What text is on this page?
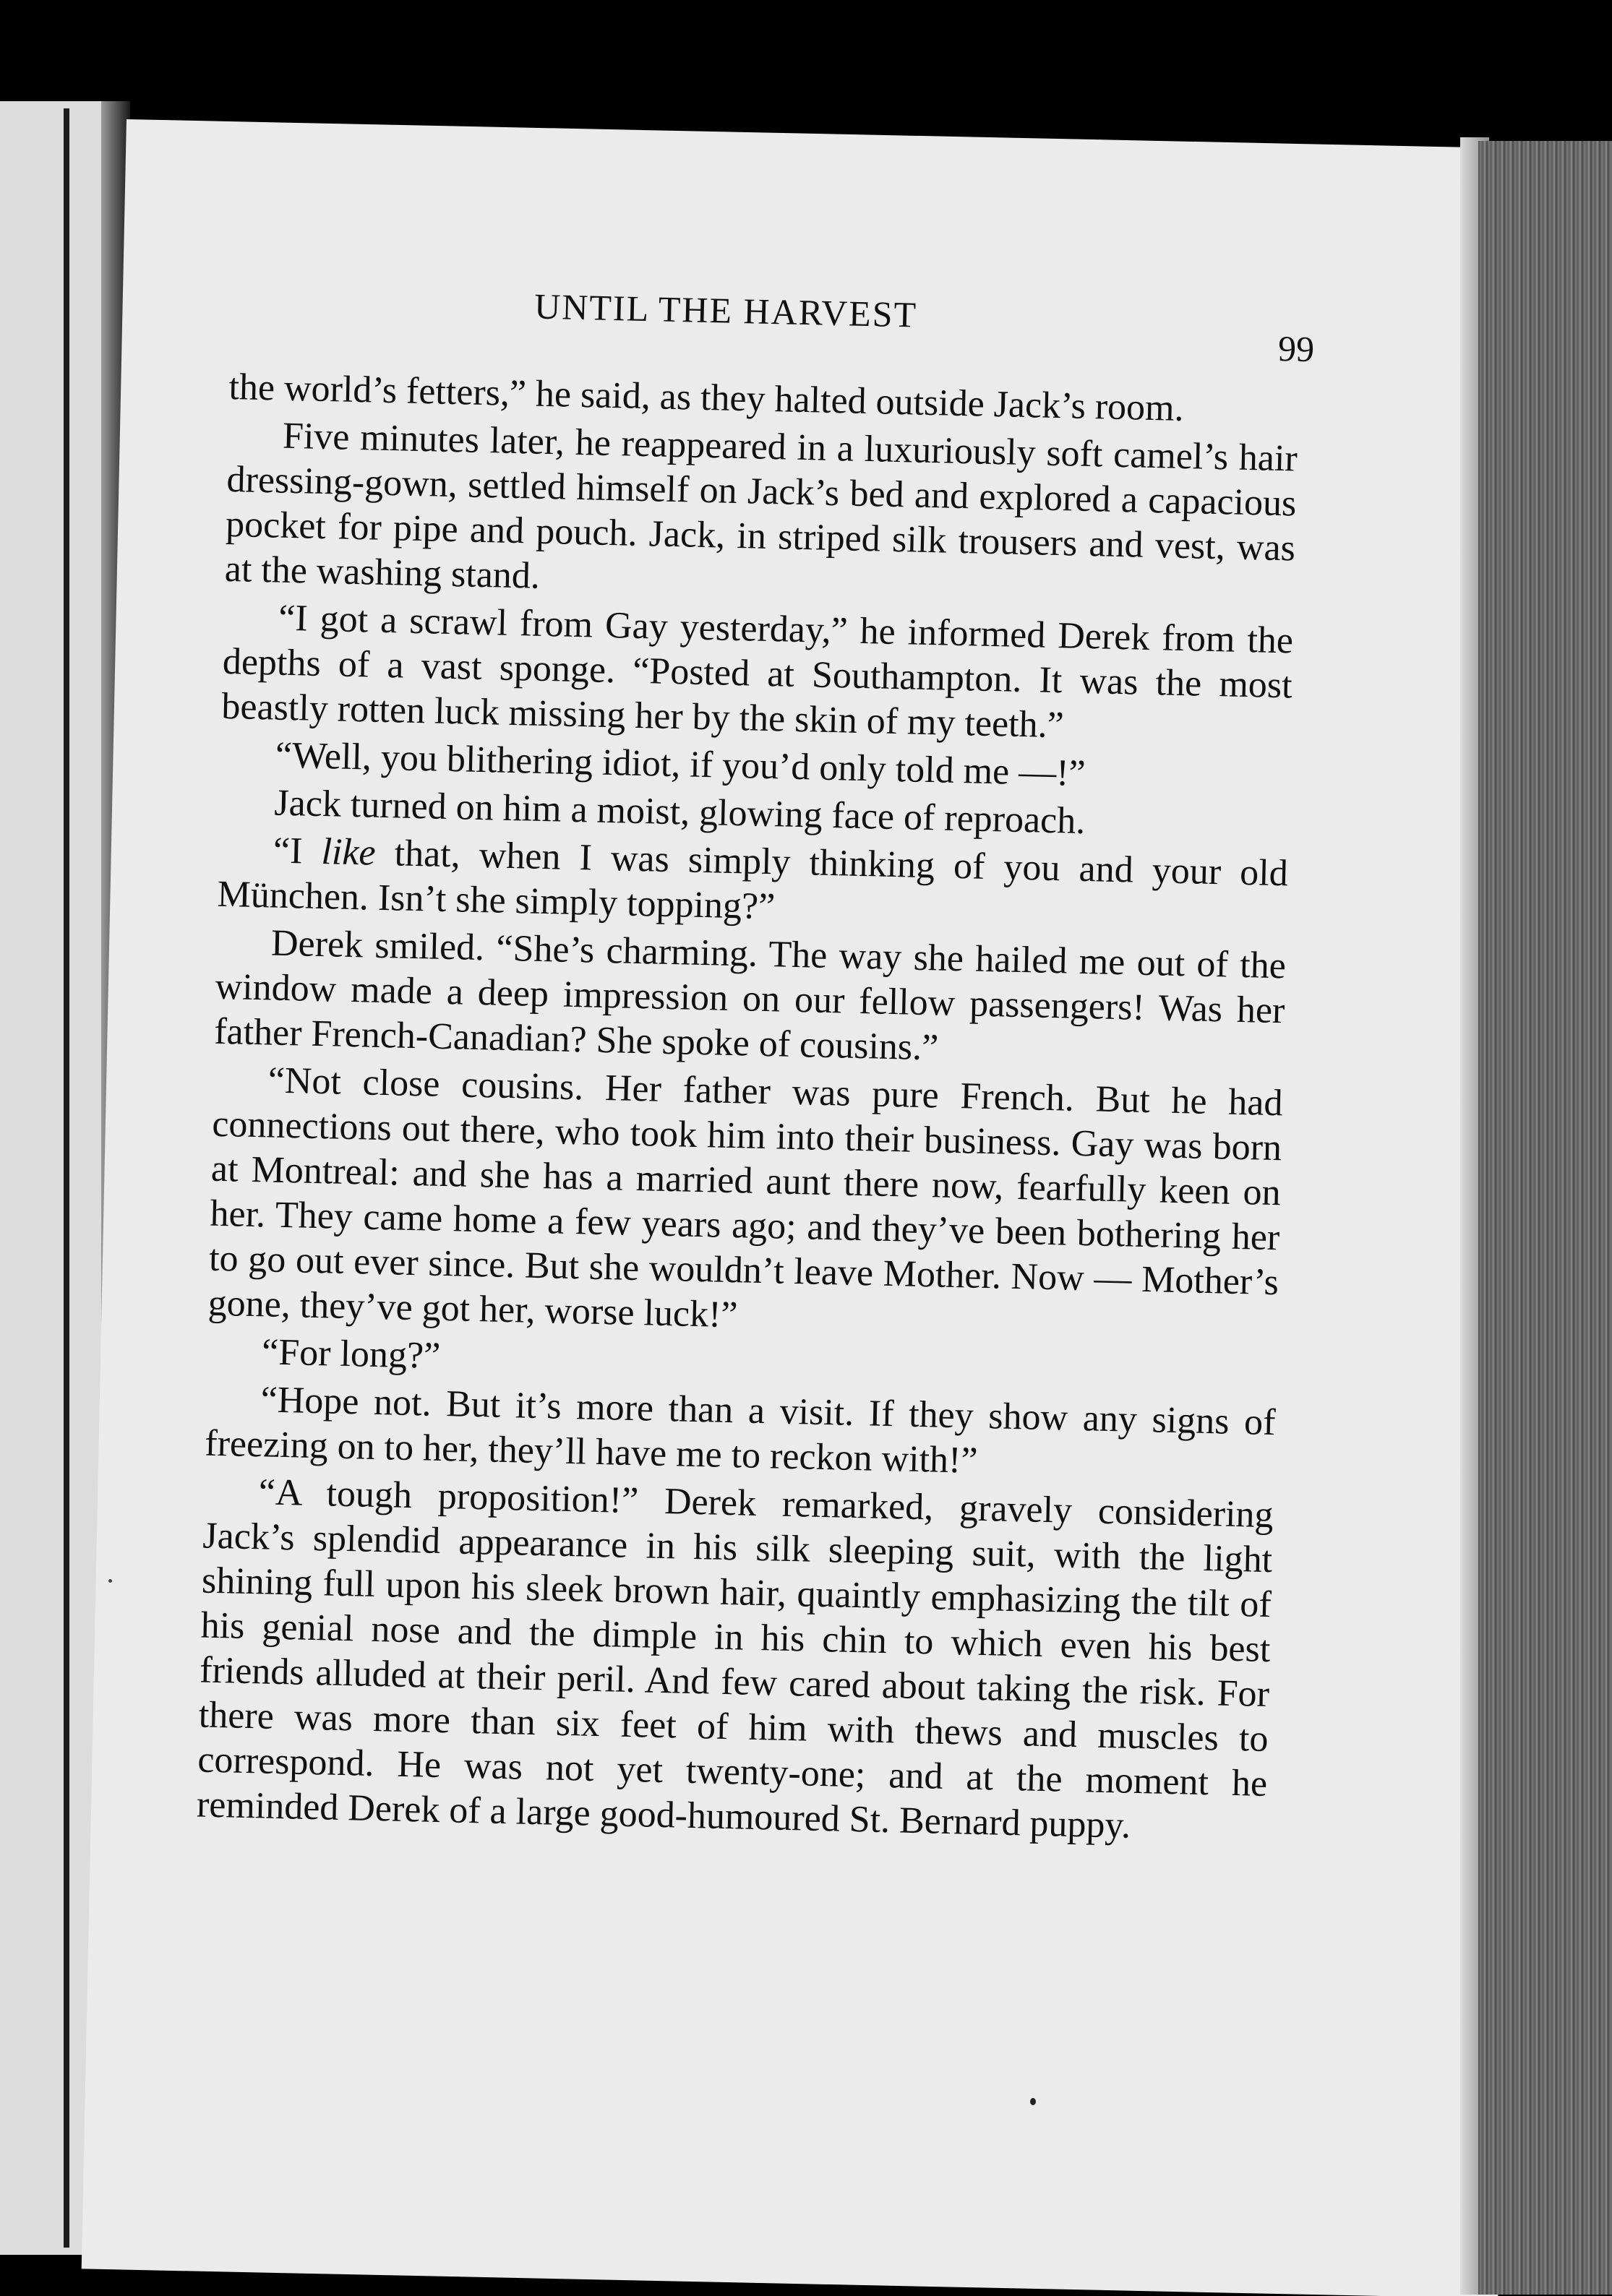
UNTIL THE HARVEST
99

the world’s fetters,” he said, as they halted outside Jack’s room.

Five minutes later, he reappeared in a luxuriously soft camel’s hair dressing-gown, settled himself on Jack’s bed and explored a capacious pocket for pipe and pouch. Jack, in striped silk trousers and vest, was at the washing stand.

“I got a scrawl from Gay yesterday,” he informed Derek from the depths of a vast sponge. “Posted at Southampton. It was the most beastly rotten luck missing her by the skin of my teeth.”

“Well, you blithering idiot, if you’d only told me —!”

Jack turned on him a moist, glowing face of reproach.

“I like that, when I was simply thinking of you and your old München. Isn’t she simply topping?”

Derek smiled. “She’s charming. The way she hailed me out of the window made a deep impression on our fellow passengers! Was her father French-Canadian? She spoke of cousins.”

“Not close cousins. Her father was pure French. But he had connections out there, who took him into their business. Gay was born at Montreal: and she has a married aunt there now, fearfully keen on her. They came home a few years ago; and they’ve been bothering her to go out ever since. But she wouldn’t leave Mother. Now — Mother’s gone, they’ve got her, worse luck!”

“For long?”

“Hope not. But it’s more than a visit. If they show any signs of freezing on to her, they’ll have me to reckon with!”

“A tough proposition!” Derek remarked, gravely considering Jack’s splendid appearance in his silk sleeping suit, with the light shining full upon his sleek brown hair, quaintly emphasizing the tilt of his genial nose and the dimple in his chin to which even his best friends alluded at their peril. And few cared about taking the risk. For there was more than six feet of him with thews and muscles to correspond. He was not yet twenty-one; and at the moment he reminded Derek of a large good-humoured St. Bernard puppy.
